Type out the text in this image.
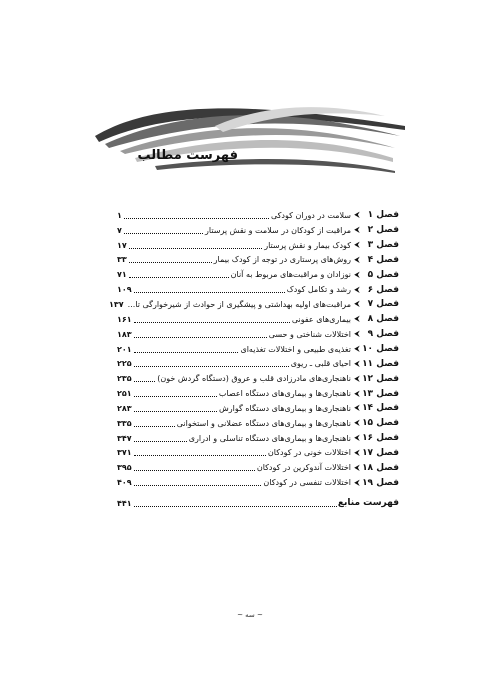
فهرست مطالب
فصل ۱
⮜
سلامت در دوران کودکی
۱
فصل ۲
⮜
مراقبت از کودکان در سلامت و نقش پرستار
۷
فصل ۳
⮜
کودک بیمار و نقش پرستار
۱۷
فصل ۴
⮜
روش‌های پرستاری در توجه از کودک بیمار
۳۳
فصل ۵
⮜
نوزادان و مراقبت‌های مربوط به آنان
۷۱
فصل ۶
⮜
رشد و تکامل کودک
۱۰۹
فصل ۷
⮜
مراقبت‌های اولیه بهداشتی و پیشگیری از حوادث از شیرخوارگی تا...
۱۳۷
فصل ۸
⮜
بیماری‌های عفونی
۱۶۱
فصل ۹
⮜
اختلالات شناختی و حسی
۱۸۳
فصل ۱۰
⮜
تغذیه‌ی طبیعی و اختلالات تغذیه‌ای
۲۰۱
فصل ۱۱
⮜
احیای قلبی ـ ریوی
۲۲۵
فصل ۱۲
⮜
ناهنجاری‌های مادرزادی قلب و عروق (دستگاه گردش خون)
۲۳۵
فصل ۱۳
⮜
ناهنجاری‌ها و بیماری‌های دستگاه اعصاب
۲۵۱
فصل ۱۴
⮜
ناهنجاری‌ها و بیماری‌های دستگاه گوارش
۲۸۳
فصل ۱۵
⮜
ناهنجاری‌ها و بیماری‌های دستگاه عضلانی و استخوانی
۳۳۵
فصل ۱۶
⮜
ناهنجاری‌ها و بیماری‌های دستگاه تناسلی و ادراری
۳۴۷
فصل ۱۷
⮜
اختلالات خونی در کودکان
۳۷۱
فصل ۱۸
⮜
اختلالات آندوکرین در کودکان
۳۹۵
فصل ۱۹
⮜
اختلالات تنفسی در کودکان
۴۰۹
فهرست منابع
۴۴۱
~ سه ~
